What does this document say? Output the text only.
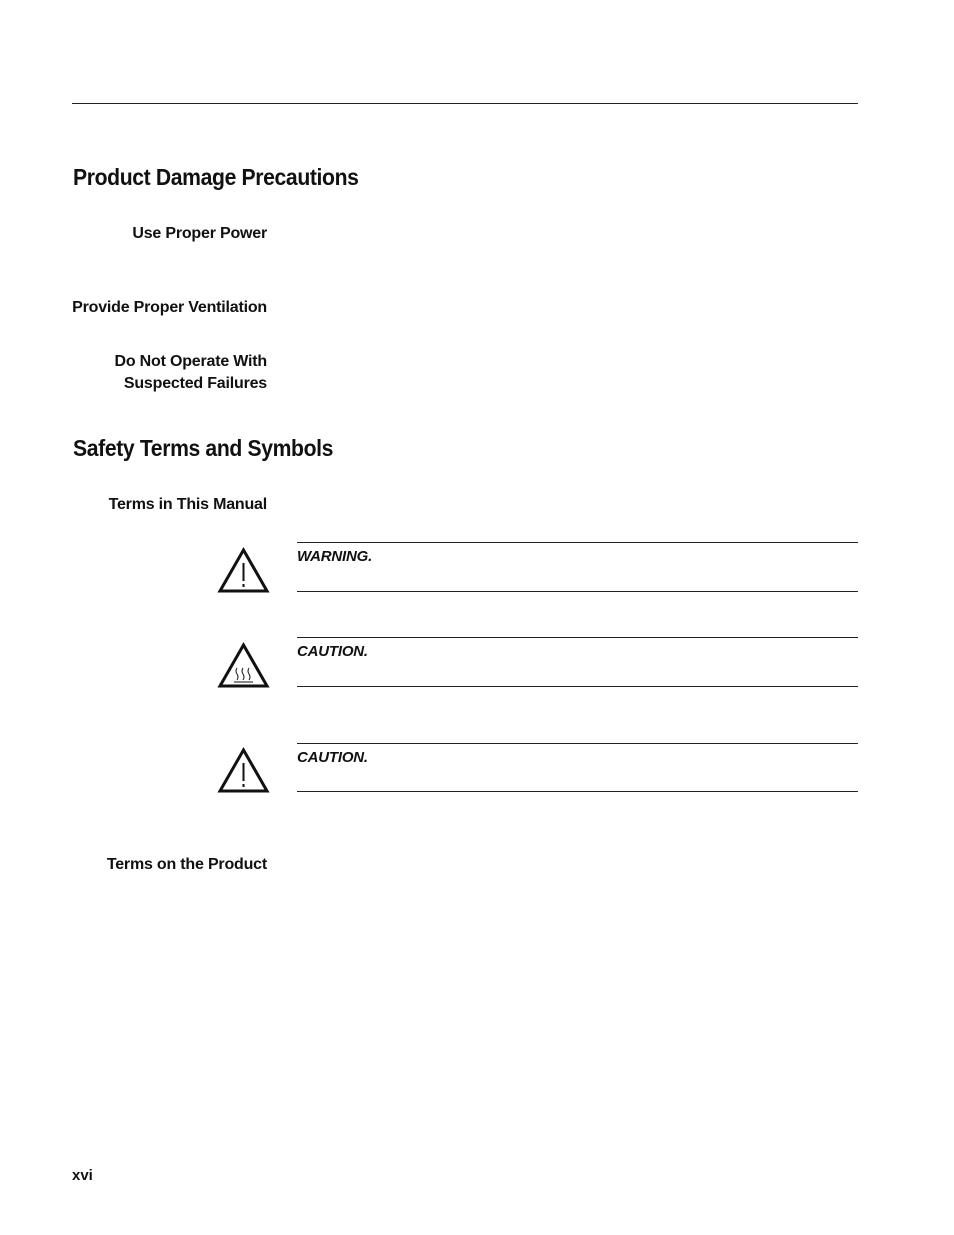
Product Damage Precautions
Use Proper Power
Provide Proper Ventilation
Do Not Operate With
Suspected Failures
Safety Terms and Symbols
Terms in This Manual
WARNING.
CAUTION.
CAUTION.
Terms on the Product
xvi
